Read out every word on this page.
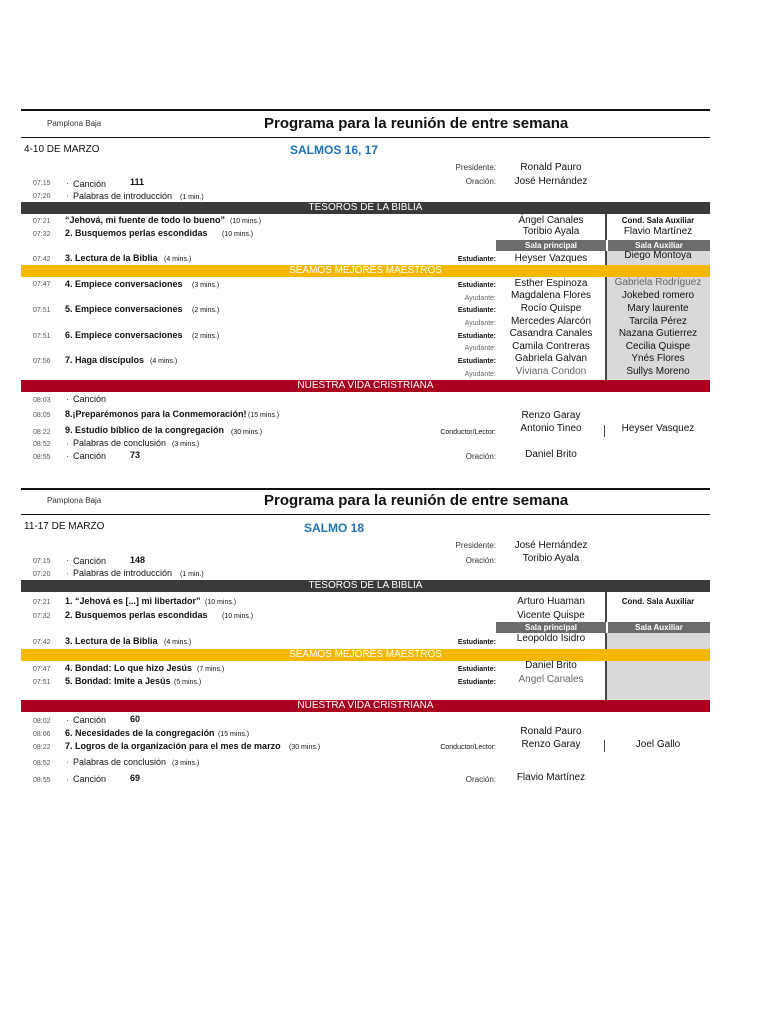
Pamplona Baja	Programa para la reunión de entre semana
4-10 DE MARZO	SALMOS 16, 17
Presidente:	Ronald Pauro
Oración:	José Hernández
07:15 · Canción	111
07:20 · Palabras de introducción (1 min.)
TESOROS DE LA BIBLIA
07:21 “Jehová, mi fuente de todo lo bueno” (10 mins.)	Ángel Canales	Cond. Sala Auxiliar
07:32 2. Busquemos perlas escondidas (10 mins.)	Toribio Ayala	Flavio Martínez
Sala principal	Sala Auxiliar
07:42 3. Lectura de la Biblia (4 mins.)	Estudiante:	Heyser Vazques	Diego Montoya
SEAMOS MEJORES MAESTROS
07:47 4. Empiece conversaciones (3 mins.)	Estudiante:	Esther Espinoza	Gabriela Rodríguez
Ayudante:	Magdalena Flores	Jokebed romero
07:51 5. Empiece conversaciones (2 mins.)	Estudiante:	Rocío Quispe	Mary laurente
Ayudante:	Mercedes Alarcón	Tarcila Pérez
07:51 6. Empiece conversaciones (2 mins.)	Estudiante:	Casandra Canales	Nazana Gutierrez
Ayudante:	Camila Contreras	Cecilia Quispe
07:56 7. Haga discípulos (4 mins.)	Estudiante:	Gabriela Galvan	Ynés Flores
Ayudante:	Viviana Condon	Sullys Moreno
NUESTRA VIDA CRISTRIANA
08:03 · Canción
08:05 8.¡Preparémonos para la Conmemoración! (15 mins.)	Renzo Garay
08:22 9. Estudio bíblico de la congregación (30 mins.)	Conductor/Lector:	Antonio Tineo	Heyser Vasquez
08:52 · Palabras de conclusión (3 mins.)
08:55 · Canción	73	Oración:	Daniel Brito
Pamplona Baja	Programa para la reunión de entre semana
11-17 DE MARZO	SALMO 18
Presidente:	José Hernández
Oración:	Toribio Ayala
07:15 · Canción	148
07:20 · Palabras de introducción (1 min.)
TESOROS DE LA BIBLIA
07:21 1. “Jehová es [...] mi libertador” (10 mins.)	Arturo Huaman	Cond. Sala Auxiliar
07:32 2. Busquemos perlas escondidas (10 mins.)	Vicente Quispe
Sala principal	Sala Auxiliar
07:42 3. Lectura de la Biblia (4 mins.)	Estudiante:	Leopoldo Isidro
SEAMOS MEJORES MAESTROS
07:47 4. Bondad: Lo que hizo Jesús (7 mins.)	Estudiante:	Daniel Brito
07:51 5. Bondad: Imite a Jesús (5 mins.)	Estudiante:	Angel Canales
NUESTRA VIDA CRISTRIANA
08:02 · Canción	60
08:06 6. Necesidades de la congregación (15 mins.)	Ronald Pauro
08:22 7. Logros de la organización para el mes de marzo (30 mins.)	Conductor/Lector:	Renzo Garay	Joel Gallo
08:52 · Palabras de conclusión (3 mins.)
08:55 · Canción	69	Oración:	Flavio Martínez
